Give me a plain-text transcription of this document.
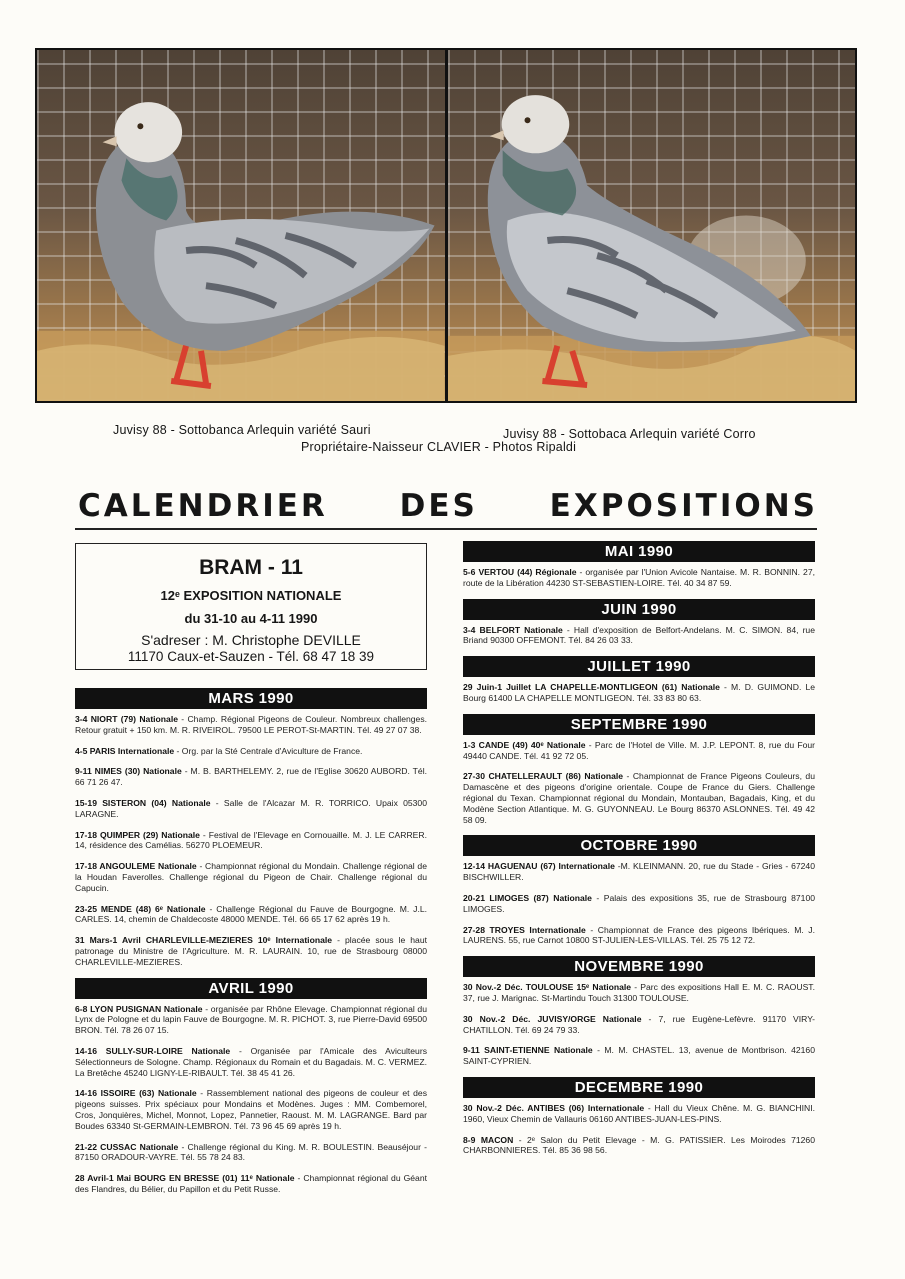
Juvisy 88 - Sottobanca Arlequin variété Sauri	Juvisy 88 - Sottobaca Arlequin variété Corro
Propriétaire-Naisseur CLAVIER - Photos Ripaldi
CALENDRIER DES EXPOSITIONS
BRAM - 11
12ᵉ EXPOSITION NATIONALE
du 31-10 au 4-11 1990
S'adreser : M. Christophe DEVILLE
11170 Caux-et-Sauzen - Tél. 68 47 18 39
MARS 1990
3-4 NIORT (79) Nationale - Champ. Régional Pigeons de Couleur. Nombreux challenges. Retour gratuit + 150 km. M. R. RIVEIROL. 79500 LE PEROT-St-MARTIN. Tél. 49 27 07 38.
4-5 PARIS Internationale - Org. par la Sté Centrale d'Aviculture de France.
9-11 NIMES (30) Nationale - M. B. BARTHELEMY. 2, rue de l'Eglise 30620 AUBORD. Tél. 66 71 26 47.
15-19 SISTERON (04) Nationale - Salle de l'Alcazar M. R. TORRICO. Upaix 05300 LARAGNE.
17-18 QUIMPER (29) Nationale - Festival de l'Elevage en Cornouaille. M. J. LE CARRER. 14, résidence des Camélias. 56270 PLOEMEUR.
17-18 ANGOULEME Nationale - Championnat régional du Mondain. Challenge régional de la Houdan Faverolles. Challenge régional du Pigeon de Chair. Challenge régional du Capucin.
23-25 MENDE (48) 6ᵉ Nationale - Challenge Régional du Fauve de Bourgogne. M. J.L. CARLES. 14, chemin de Chaldecoste 48000 MENDE. Tél. 66 65 17 62 après 19 h.
31 Mars-1 Avril CHARLEVILLE-MEZIERES 10ᵉ Internationale - placée sous le haut patronage du Ministre de l'Agriculture. M. R. LAURAIN. 10, rue de Strasbourg 08000 CHARLEVILLE-MEZIERES.
AVRIL 1990
6-8 LYON PUSIGNAN Nationale - organisée par Rhône Elevage. Championnat régional du Lynx de Pologne et du lapin Fauve de Bourgogne. M. R. PICHOT. 3, rue Pierre-David 69500 BRON. Tél. 78 26 07 15.
14-16 SULLY-SUR-LOIRE Nationale - Organisée par l'Amicale des Aviculteurs Sélectionneurs de Sologne. Champ. Régionaux du Romain et du Bagadais. M. C. VERMEZ. La Bretêche 45240 LIGNY-LE-RIBAULT. Tél. 38 45 41 26.
14-16 ISSOIRE (63) Nationale - Rassemblement national des pigeons de couleur et des pigeons suisses. Prix spéciaux pour Mondains et Modènes. Juges : MM. Combemorel, Cros, Jonquières, Michel, Monnot, Lopez, Pannetier, Raoust. M. M. LAGRANGE. Bard par Boudes 63340 St-GERMAIN-LEMBRON. Tél. 73 96 45 69 après 19 h.
21-22 CUSSAC Nationale - Challenge régional du King. M. R. BOULESTIN. Beauséjour - 87150 ORADOUR-VAYRE. Tél. 55 78 24 83.
28 Avril-1 Mai BOURG EN BRESSE (01) 11ᵉ Nationale - Championnat régional du Géant des Flandres, du Bélier, du Papillon et du Petit Russe.
MAI 1990
5-6 VERTOU (44) Régionale - organisée par l'Union Avicole Nantaise. M. R. BONNIN. 27, route de la Libération 44230 ST-SEBASTIEN-LOIRE. Tél. 40 34 87 59.
JUIN 1990
3-4 BELFORT Nationale - Hall d'exposition de Belfort-Andelans. M. C. SIMON. 84, rue Briand 90300 OFFEMONT. Tél. 84 26 03 33.
JUILLET 1990
29 Juin-1 Juillet LA CHAPELLE-MONTLIGEON (61) Nationale - M. D. GUIMOND. Le Bourg 61400 LA CHAPELLE MONTLIGEON. Tél. 33 83 80 63.
SEPTEMBRE 1990
1-3 CANDE (49) 40ᵉ Nationale - Parc de l'Hotel de Ville. M. J.P. LEPONT. 8, rue du Four 49440 CANDE. Tél. 41 92 72 05.
27-30 CHATELLERAULT (86) Nationale - Championnat de France Pigeons Couleurs, du Damascène et des pigeons d'origine orientale. Coupe de France du Giers. Challenge régional du Texan. Championnat régional du Mondain, Montauban, Bagadais, King, et du Modène Section Atlantique. M. G. GUYONNEAU. Le Bourg 86370 ASLONNES. Tél. 49 42 58 09.
OCTOBRE 1990
12-14 HAGUENAU (67) Internationale -M. KLEINMANN. 20, rue du Stade - Gries - 67240 BISCHWILLER.
20-21 LIMOGES (87) Nationale - Palais des expositions 35, rue de Strasbourg 87100 LIMOGES.
27-28 TROYES Internationale - Championnat de France des pigeons Ibériques. M. J. LAURENS. 55, rue Carnot 10800 ST-JULIEN-LES-VILLAS. Tél. 25 75 12 72.
NOVEMBRE 1990
30 Nov.-2 Déc. TOULOUSE 15ᵉ Nationale - Parc des expositions Hall E. M. C. RAOUST. 37, rue J. Marignac. St-Martindu Touch 31300 TOULOUSE.
30 Nov.-2 Déc. JUVISY/ORGE Nationale - 7, rue Eugène-Lefèvre. 91170 VIRY-CHATILLON. Tél. 69 24 79 33.
9-11 SAINT-ETIENNE Nationale - M. M. CHASTEL. 13, avenue de Montbrison. 42160 SAINT-CYPRIEN.
DECEMBRE 1990
30 Nov.-2 Déc. ANTIBES (06) Internationale - Hall du Vieux Chêne. M. G. BIANCHINI. 1960, Vieux Chemin de Vallauris 06160 ANTIBES-JUAN-LES-PINS.
8-9 MACON - 2ᵉ Salon du Petit Elevage - M. G. PATISSIER. Les Moirodes 71260 CHARBONNIERES. Tél. 85 36 98 56.
